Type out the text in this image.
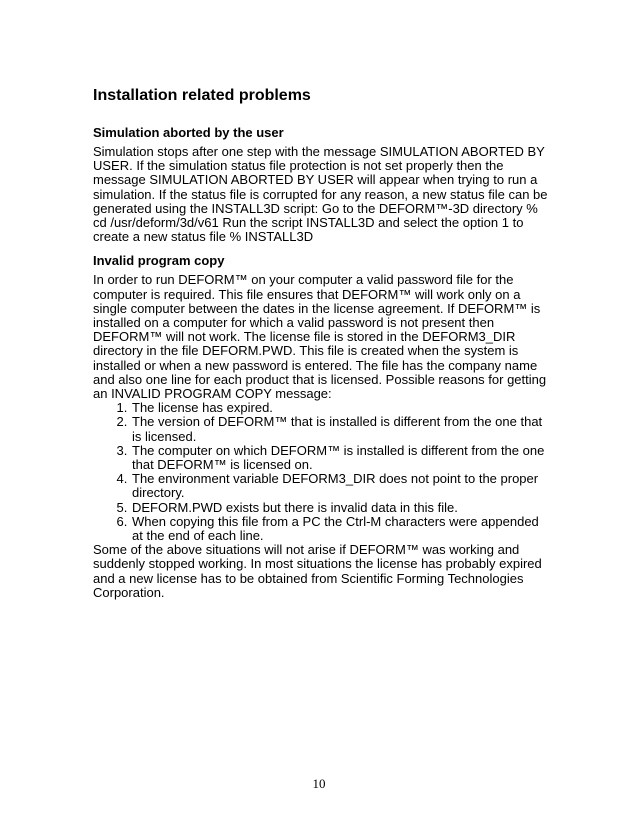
Installation related problems
Simulation aborted by the user

Simulation stops after one step with the message SIMULATION ABORTED BY USER. If the simulation status file protection is not set properly then the message SIMULATION ABORTED BY USER will appear when trying to run a simulation. If the status file is corrupted for any reason, a new status file can be generated using the INSTALL3D script: Go to the DEFORM™-3D directory % cd /usr/deform/3d/v61 Run the script INSTALL3D and select the option 1 to create a new status file % INSTALL3D

Invalid program copy

In order to run DEFORM™ on your computer a valid password file for the computer is required. This file ensures that DEFORM™ will work only on a single computer between the dates in the license agreement. If DEFORM™ is installed on a computer for which a valid password is not present then DEFORM™ will not work. The license file is stored in the DEFORM3_DIR directory in the file DEFORM.PWD. This file is created when the system is installed or when a new password is entered. The file has the company name and also one line for each product that is licensed. Possible reasons for getting an INVALID PROGRAM COPY message:

1. The license has expired.
2. The version of DEFORM™ that is installed is different from the one that is licensed.
3. The computer on which DEFORM™ is installed is different from the one that DEFORM™ is licensed on.
4. The environment variable DEFORM3_DIR does not point to the proper directory.
5. DEFORM.PWD exists but there is invalid data in this file.
6. When copying this file from a PC the Ctrl-M characters were appended at the end of each line.

Some of the above situations will not arise if DEFORM™ was working and suddenly stopped working. In most situations the license has probably expired and a new license has to be obtained from Scientific Forming Technologies Corporation.

10
